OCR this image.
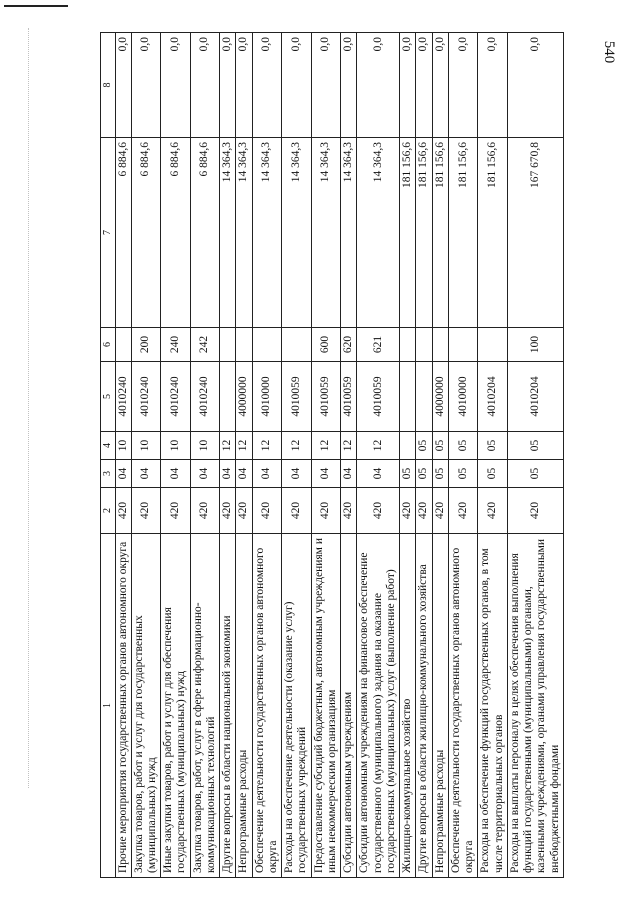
540
1	2	3	4	5	6	7	8
Прочие мероприятия государственных органов автономного округа	420	04	10	4010240		6 884,6	0,0
Закупка товаров, работ и услуг для государственных (муниципальных) нужд	420	04	10	4010240	200	6 884,6	0,0
Иные закупки товаров, работ и услуг для обеспечения государственных (муниципальных) нужд	420	04	10	4010240	240	6 884,6	0,0
Закупка товаров, работ, услуг в сфере информационно-коммуникационных технологий	420	04	10	4010240	242	6 884,6	0,0
Другие вопросы в области национальной экономики	420	04	12			14 364,3	0,0
Непрограммные расходы	420	04	12	4000000		14 364,3	0,0
Обеспечение деятельности государственных органов автономного округа	420	04	12	4010000		14 364,3	0,0
Расходы на обеспечение деятельности (оказание услуг) государственных учреждений	420	04	12	4010059		14 364,3	0,0
Предоставление субсидий бюджетным, автономным учреждениям и иным некоммерческим организациям	420	04	12	4010059	600	14 364,3	0,0
Субсидии автономным учреждениям	420	04	12	4010059	620	14 364,3	0,0
Субсидии автономным учреждениям на финансовое обеспечение государственного (муниципального) задания на оказание государственных (муниципальных) услуг (выполнение работ)	420	04	12	4010059	621	14 364,3	0,0
Жилищно-коммунальное хозяйство	420	05				181 156,6	0,0
Другие вопросы в области жилищно-коммунального хозяйства	420	05	05			181 156,6	0,0
Непрограммные расходы	420	05	05	4000000		181 156,6	0,0
Обеспечение деятельности государственных органов автономного округа	420	05	05	4010000		181 156,6	0,0
Расходы на обеспечение функций государственных органов, в том числе территориальных органов	420	05	05	4010204		181 156,6	0,0
Расходы на выплаты персоналу в целях обеспечения выполнения функций государственными (муниципальными) органами, казенными учреждениями, органами управления государственными внебюджетными фондами	420	05	05	4010204	100	167 670,8	0,0
